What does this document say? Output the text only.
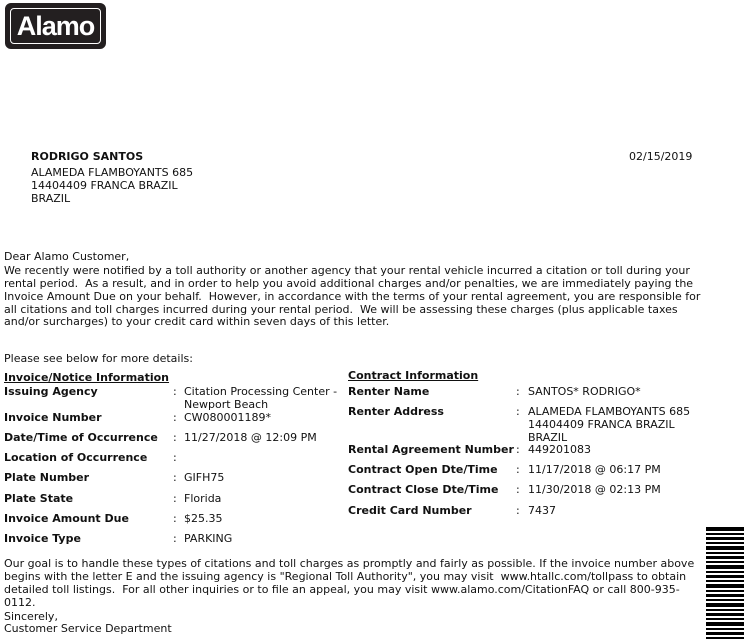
Alamo
RODRIGO SANTOS
ALAMEDA FLAMBOYANTS 685
14404409 FRANCA BRAZIL
BRAZIL
02/15/2019
Dear Alamo Customer,
We recently were notified by a toll authority or another agency that your rental vehicle incurred a citation or toll during your
rental period.  As a result, and in order to help you avoid additional charges and/or penalties, we are immediately paying the
Invoice Amount Due on your behalf.  However, in accordance with the terms of your rental agreement, you are responsible for
all citations and toll charges incurred during your rental period.  We will be assessing these charges (plus applicable taxes
and/or surcharges) to your credit card within seven days of this letter.
Please see below for more details:
Invoice/Notice Information
Issuing Agency	: Citation Processing Center -
Newport Beach
Invoice Number	: CW080001189*
Date/Time of Occurrence : 11/27/2018 @ 12:09 PM
Location of Occurrence :
Plate Number	: GIFH75
Plate State	: Florida
Invoice Amount Due	: $25.35
Invoice Type	: PARKING
Contract Information
Renter Name	: SANTOS* RODRIGO*
Renter Address	: ALAMEDA FLAMBOYANTS 685
14404409 FRANCA BRAZIL
BRAZIL
Rental Agreement Number : 449201083
Contract Open Dte/Time : 11/17/2018 @ 06:17 PM
Contract Close Dte/Time : 11/30/2018 @ 02:13 PM
Credit Card Number	: 7437
Our goal is to handle these types of citations and toll charges as promptly and fairly as possible. If the invoice number above
begins with the letter E and the issuing agency is "Regional Toll Authority", you may visit  www.htallc.com/tollpass to obtain
detailed toll listings.  For all other inquiries or to file an appeal, you may visit www.alamo.com/CitationFAQ or call 800-935-
0112.
Sincerely,
Customer Service Department
